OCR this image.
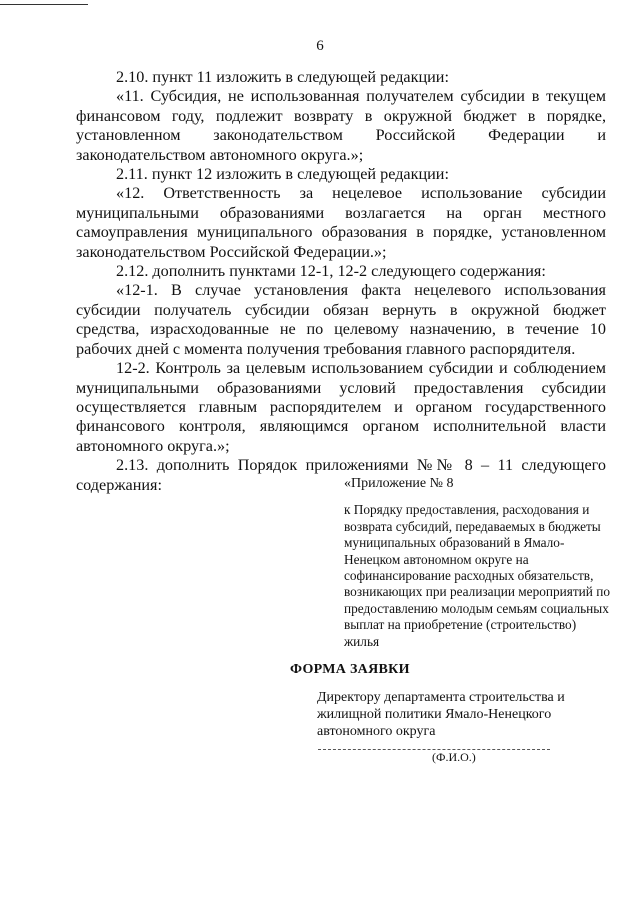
6

2.10. пункт 11 изложить в следующей редакции:

«11. Субсидия, не использованная получателем субсидии в текущем финансовом году, подлежит возврату в окружной бюджет в порядке, установленном законодательством Российской Федерации и законодательством автономного округа.»;

2.11. пункт 12 изложить в следующей редакции:

«12. Ответственность за нецелевое использование субсидии муниципальными образованиями возлагается на орган местного самоуправления муниципального образования в порядке, установленном законодательством Российской Федерации.»;

2.12. дополнить пунктами 12-1, 12-2 следующего содержания:

«12-1. В случае установления факта нецелевого использования субсидии получатель субсидии обязан вернуть в окружной бюджет средства, израсходованные не по целевому назначению, в течение 10 рабочих дней с момента получения требования главного распорядителя.

12-2. Контроль за целевым использованием субсидии и соблюдением муниципальными образованиями условий предоставления субсидии осуществляется главным распорядителем и органом государственного финансового контроля, являющимся органом исполнительной власти автономного округа.»;

2.13. дополнить Порядок приложениями №№ 8 – 11 следующего содержания:	«Приложение № 8

к Порядку предоставления, расходования и возврата субсидий, передаваемых в бюджеты муниципальных образований в Ямало-Ненецком автономном округе на софинансирование расходных обязательств, возникающих при реализации мероприятий по предоставлению молодым семьям социальных выплат на приобретение (строительство) жилья

ФОРМА ЗАЯВКИ
Директору департамента строительства и жилищной политики Ямало-Ненецкого автономного округа
(Ф.И.О.)
